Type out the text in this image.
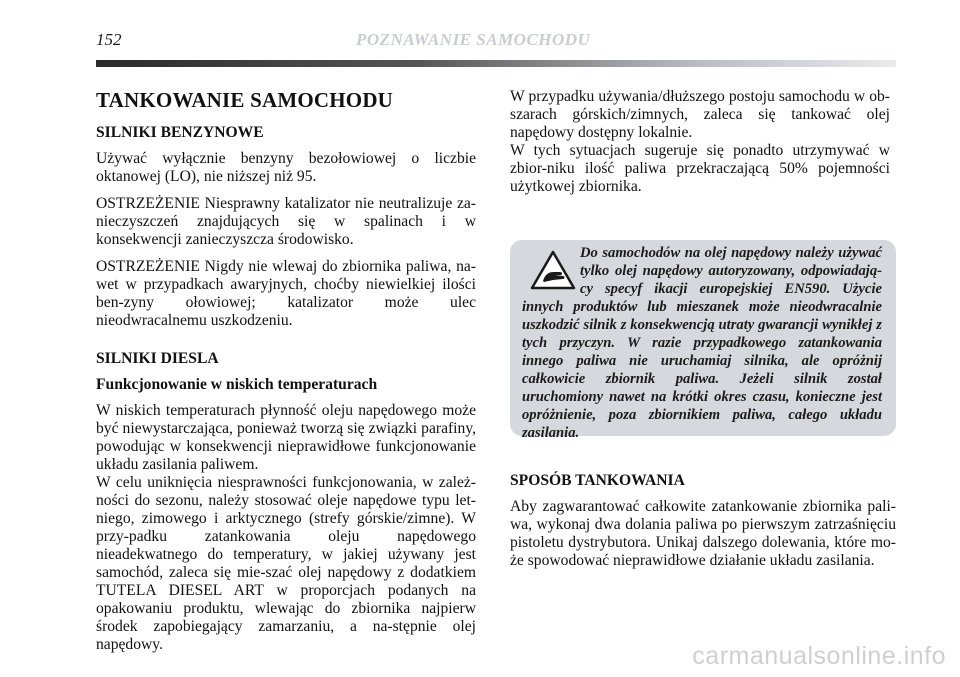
152	POZNAWANIE SAMOCHODU
TANKOWANIE SAMOCHODU
SILNIKI BENZYNOWE

Używać wyłącznie benzyny bezołowiowej o liczbie oktanowej (LO), nie niższej niż 95.

OSTRZEŻENIE Niesprawny katalizator nie neutralizuje za-nieczyszczeń znajdujących się w spalinach i w konsekwencji zanieczyszcza środowisko.

OSTRZEŻENIE Nigdy nie wlewaj do zbiornika paliwa, na-wet w przypadkach awaryjnych, choćby niewielkiej ilości ben-zyny ołowiowej; katalizator może ulec nieodwracalnemu uszkodzeniu.

SILNIKI DIESLA
Funkcjonowanie w niskich temperaturach

W niskich temperaturach płynność oleju napędowego może być niewystarczająca, ponieważ tworzą się związki parafiny, powodując w konsekwencji nieprawidłowe funkcjonowanie układu zasilania paliwem.

W celu uniknięcia niesprawności funkcjonowania, w zależ-ności do sezonu, należy stosować oleje napędowe typu let-niego, zimowego i arktycznego (strefy górskie/zimne). W przy-padku zatankowania oleju napędowego nieadekwatnego do temperatury, w jakiej używany jest samochód, zaleca się mie-szać olej napędowy z dodatkiem TUTELA DIESEL ART w proporcjach podanych na opakowaniu produktu, wlewając do zbiornika najpierw środek zapobiegający zamarzaniu, a na-stępnie olej napędowy.

W przypadku używania/dłuższego postoju samochodu w ob-szarach górskich/zimnych, zaleca się tankować olej napędowy dostępny lokalnie.

W tych sytuacjach sugeruje się ponadto utrzymywać w zbior-niku ilość paliwa przekraczającą 50% pojemności użytkowej zbiornika.

Do samochodów na olej napędowy należy używać tylko olej napędowy autoryzowany, odpowiadają-cy specyf ikacji europejskiej EN590. Użycie innych produktów lub mieszanek może nieodwracalnie uszkodzić silnik z konsekwencją utraty gwarancji wynikłej z tych przyczyn. W razie przypadkowego zatankowania innego paliwa nie uruchamiaj silnika, ale opróżnij całkowicie zbiornik paliwa. Jeżeli silnik został uruchomiony nawet na krótki okres czasu, konieczne jest opróżnienie, poza zbiornikiem paliwa, całego układu zasilania.
SPOSÓB TANKOWANIA

Aby zagwarantować całkowite zatankowanie zbiornika pali-wa, wykonaj dwa dolania paliwa po pierwszym zatrzaśnięciu pistoletu dystrybutora. Unikaj dalszego dolewania, które mo-że spowodować nieprawidłowe działanie układu zasilania.

carmanualsonline.info
